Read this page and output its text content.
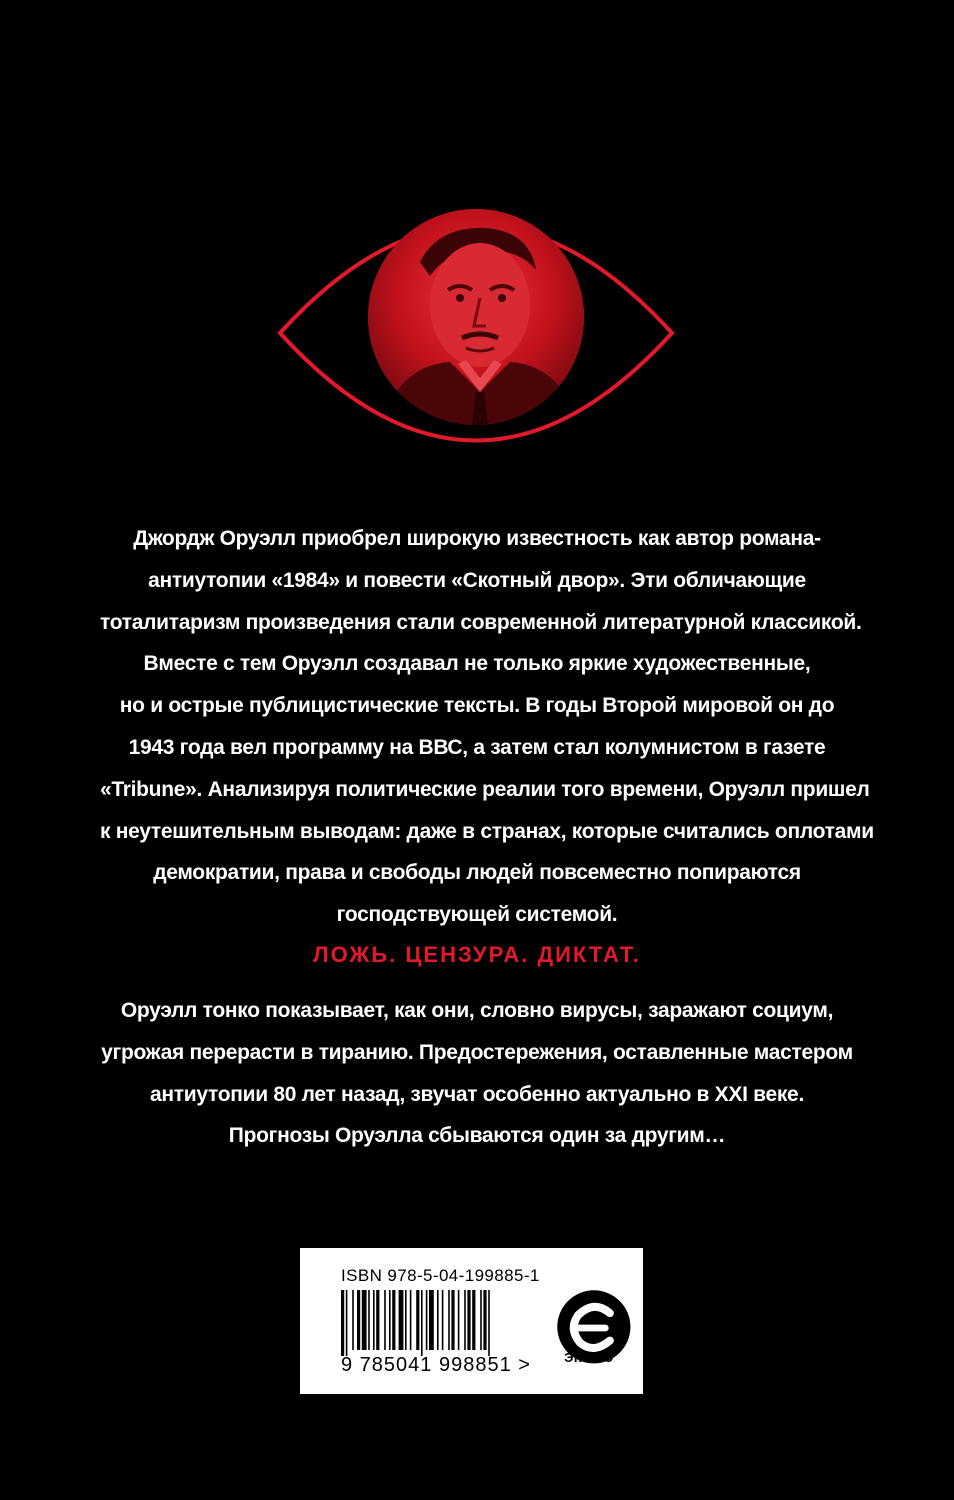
Джордж Оруэлл приобрел широкую известность как автор романа-
антиутопии «1984» и повести «Скотный двор». Эти обличающие
тоталитаризм произведения стали современной литературной классикой.
Вместе с тем Оруэлл создавал не только яркие художественные,
но и острые публицистические тексты. В годы Второй мировой он до
1943 года вел программу на ВВС, а затем стал колумнистом в газете
«Tribune». Анализируя политические реалии того времени, Оруэлл пришел
к неутешительным выводам: даже в странах, которые считались оплотами
демократии, права и свободы людей повсеместно попираются
господствующей системой.
ЛОЖЬ. ЦЕНЗУРА. ДИКТАТ.
Оруэлл тонко показывает, как они, словно вирусы, заражают социум,
угрожая перерасти в тиранию. Предостережения, оставленные мастером
антиутопии 80 лет назад, звучат особенно актуально в XXI веке.
Прогнозы Оруэлла сбываются один за другим…
ISBN 978-5-04-199885-1
9 785041 998851 >	ЭКСМО
